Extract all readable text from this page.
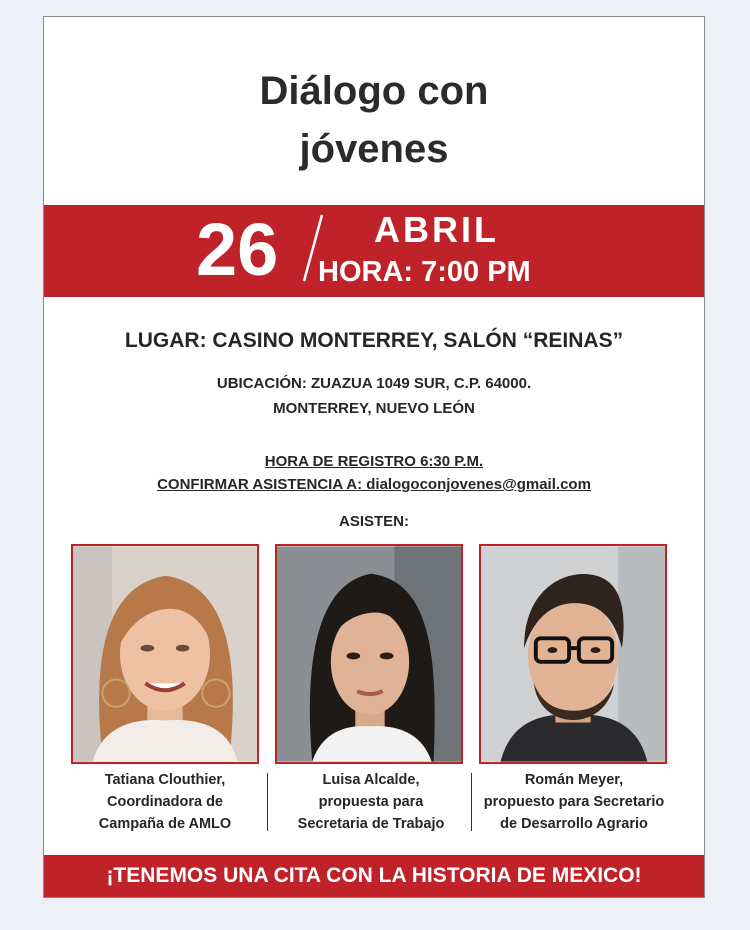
Diálogo con
jóvenes
26	ABRIL
HORA: 7:00 PM
LUGAR: CASINO MONTERREY, SALÓN “REINAS”
UBICACIÓN: ZUAZUA 1049 SUR, C.P. 64000.
MONTERREY, NUEVO LEÓN
HORA DE REGISTRO 6:30 P.M.
CONFIRMAR ASISTENCIA A: dialogoconjovenes@gmail.com
ASISTEN:
Tatiana Clouthier,
Coordinadora de
Campaña de AMLO
Luisa Alcalde,
propuesta para
Secretaria de Trabajo
Román Meyer,
propuesto para Secretario
de Desarrollo Agrario
¡TENEMOS UNA CITA CON LA HISTORIA DE MEXICO!
